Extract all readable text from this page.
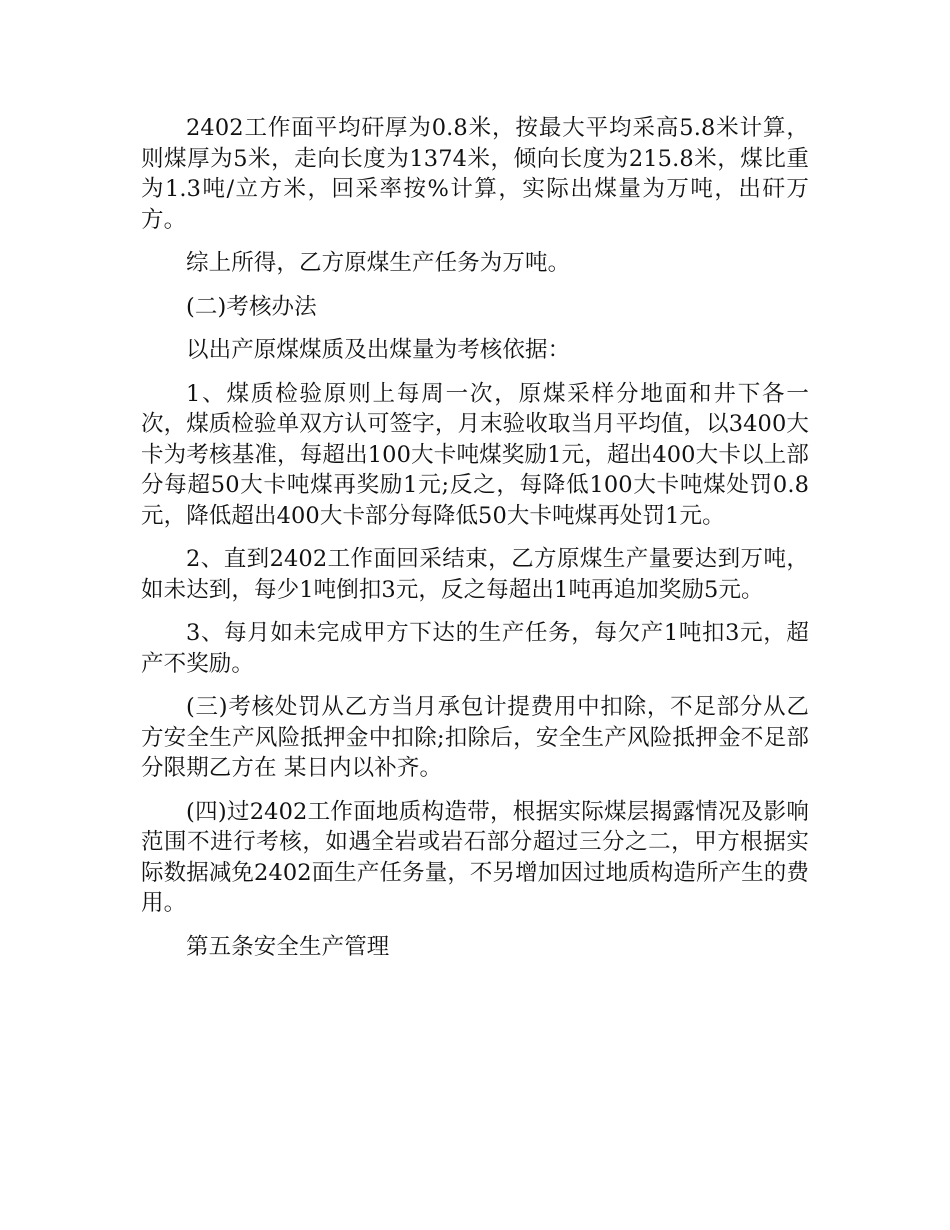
2402工作面平均矸厚为0.8米，按最大平均采高5.8米计算，则煤厚为5米，走向长度为1374米，倾向长度为215.8米，煤比重为1.3吨/立方米，回采率按%计算，实际出煤量为万吨，出矸万方。

综上所得，乙方原煤生产任务为万吨。

(二)考核办法

以出产原煤煤质及出煤量为考核依据：

1、煤质检验原则上每周一次，原煤采样分地面和井下各一次，煤质检验单双方认可签字，月末验收取当月平均值，以3400大卡为考核基准，每超出100大卡吨煤奖励1元，超出400大卡以上部分每超50大卡吨煤再奖励1元;反之，每降低100大卡吨煤处罚0.8元，降低超出400大卡部分每降低50大卡吨煤再处罚1元。

2、直到2402工作面回采结束，乙方原煤生产量要达到万吨，如未达到，每少1吨倒扣3元，反之每超出1吨再追加奖励5元。

3、每月如未完成甲方下达的生产任务，每欠产1吨扣3元，超产不奖励。

(三)考核处罚从乙方当月承包计提费用中扣除，不足部分从乙方安全生产风险抵押金中扣除;扣除后，安全生产风险抵押金不足部分限期乙方在 某日内以补齐。

(四)过2402工作面地质构造带，根据实际煤层揭露情况及影响范围不进行考核，如遇全岩或岩石部分超过三分之二，甲方根据实际数据减免2402面生产任务量，不另增加因过地质构造所产生的费用。

第五条安全生产管理
